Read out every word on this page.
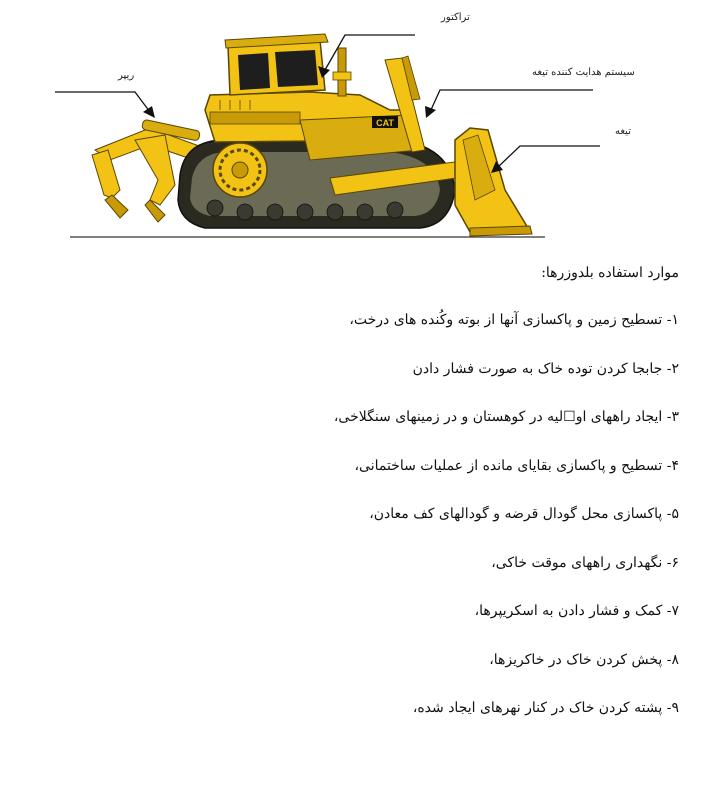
CAT
تراکتور
ریپر	سیستم هدایت کننده تیغه
تیغه
موارد استفاده بلدوزرها:
۱- تسطیح زمین و پاکسازی آنها از بوته وکُنده های درخت،
۲- جابجا کردن توده خاک به صورت فشار دادن
۳- ایجاد راههای او☐لیه در کوهستان و در زمینهای سنگلاخی،
۴- تسطیح و پاکسازی بقایای مانده از عملیات ساختمانی،
۵- پاکسازی محل گودال قرضه و گودالهای کف معادن،
۶- نگهداری راههای موقت خاکی،
۷- کمک و فشار دادن به اسکریپرها،
۸- پخش کردن خاک در خاکریزها،
۹- پشته کردن خاک در کنار نهرهای ایجاد شده،
